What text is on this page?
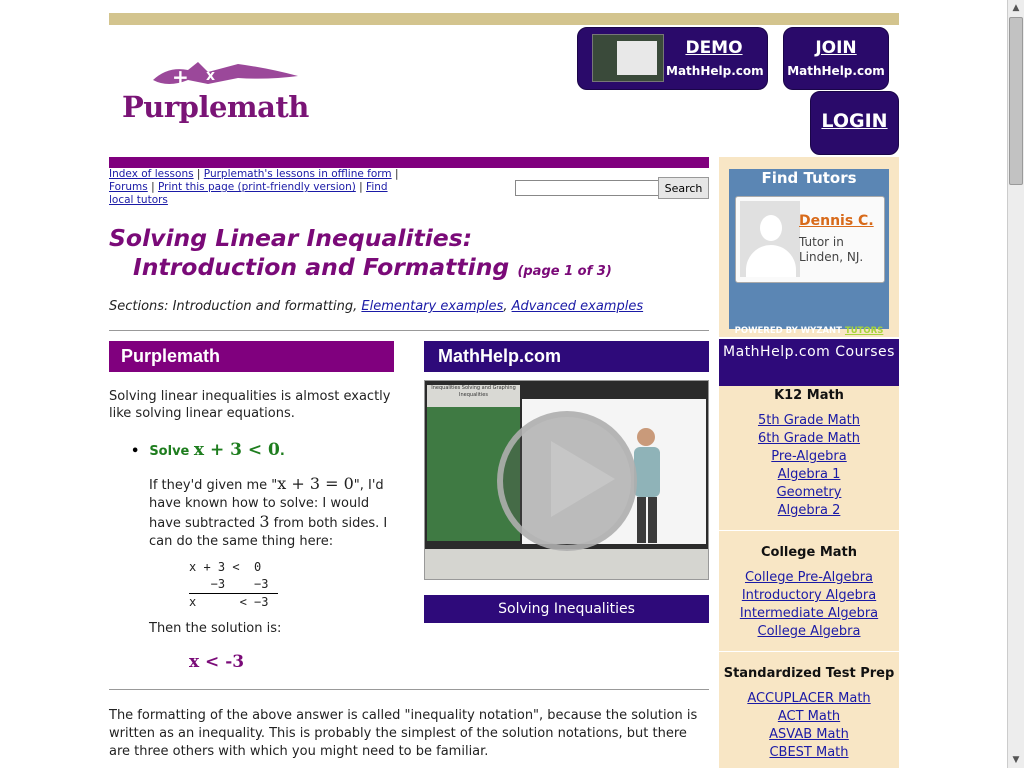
+ x
Purplemath
DEMO
MathHelp.com
JOIN
MathHelp.com
LOGIN
Index of lessons | Purplemath's lessons in offline form | Forums | Print this page (print-friendly version) | Find local tutors
Search
Solving Linear Inequalities:
Introduction and Formatting (page 1 of 3)
Sections: Introduction and formatting, Elementary examples, Advanced examples
Purplemath
Solving linear inequalities is almost exactly like solving linear equations.
• Solve x + 3 < 0.
If they'd given me "x + 3 = 0", I'd have known how to solve: I would have subtracted 3 from both sides. I can do the same thing here:
x + 3 <  0
−3    −3
x      < −3
Then the solution is:
x < -3
The formatting of the above answer is called "inequality notation", because the solution is written as an inequality. This is probably the simplest of the solution notations, but there are three others with which you might need to be familiar.
MathHelp.com
Inequalities Solving and Graphing Inequalities
Solving Inequalities
Find Tutors
Dennis C.
Tutor in Linden, NJ.
POWERED BY WYZANT TUTORS
MathHelp.com Courses
K12 Math
5th Grade Math
6th Grade Math
Pre-Algebra
Algebra 1
Geometry
Algebra 2
College Math
College Pre-Algebra
Introductory Algebra
Intermediate Algebra
College Algebra
Standardized Test Prep
ACCUPLACER Math
ACT Math
ASVAB Math
CBEST Math
▲
▼
